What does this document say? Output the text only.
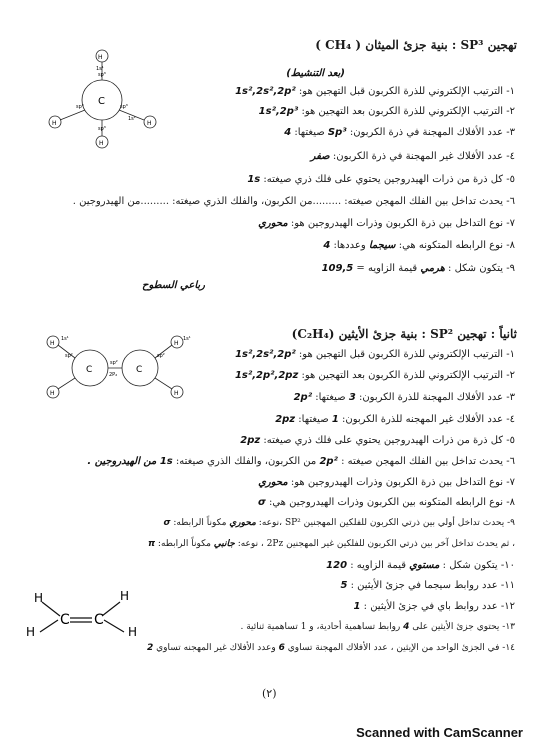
تهجين SP³ : بنية جزئ الميثان ( CH₄ )
(بعد التنشيط)
١- الترتيب الإلكتروني للذرة الكربون قبل التهجين هو: 1s²,2s²,2p²
٢- الترتيب الإلكتروني للذرة الكربون بعد التهجين هو: 1s²,2p³
٣- عدد الأفلاك المهجنة في ذرة الكربون: Sp³ صيغتها: 4
٤- عدد الأفلاك غير المهجنة في ذرة الكربون: صفر
٥- كل ذرة من ذرات الهيدروجين يحتوي على فلك ذري صيغته: 1s
٦- يحدث تداخل بين الفلك المهجن صيغته: .........من الكربون، والفلك الذري صيغته: .........من الهيدروجين .
٧- نوع التداخل بين ذرة الكربون وذرات الهيدروجين هو: محوري
٨- نوع الرابطه المتكونه هي: سيجما وعددها: 4
٩- يتكون شكل : هرمي قيمة الزاويه = 109,5
رباعي السطوح
C
H
H	H
H
sp³
sp³	sp³
sp³
1s¹
1s¹
ثانياً : تهجين SP² : بنية جزئ الأيثين (C₂H₄)
١- الترتيب الإلكتروني للذرة الكربون قبل التهجين هو: 1s²,2s²,2p²
٢- الترتيب الإلكتروني للذرة الكربون بعد التهجين هو: 1s²,2p²,2pz
٣- عدد الأفلاك المهجنة للذرة الكربون: 3 صيغتها: 2p²
٤- عدد الأفلاك غير المهجنه للذرة الكربون: 1 صيغتها: 2pz
٥- كل ذرة من ذرات الهيدروجين يحتوي على فلك ذري صيغته: 2pz
٦- يحدث تداخل بين الفلك المهجن صيغته : 2p² من الكربون، والفلك الذري صيغته: 1s من الهيدروجين .
٧- نوع التداخل بين ذرة الكربون وذرات الهيدروجين هو: محوري
٨- نوع الرابطه المتكونه بين الكربون وذرات الهيدروجين هي: σ
٩- يحدث تداخل أولي بين ذرتي الكربون للفلكين المهجنين SP² ،نوعه: محوري مكوناً الرابطه: σ
، ثم يحدث تداخل آخر بين ذرتي الكربون للفلكين غير المهجنين 2Pz ، نوعه: جانبي مكوناً الرابطه: π
١٠- يتكون شكل : مستوي قيمة الزاويه : 120
١١- عدد روابط سيجما في جزئ الأيثين : 5
١٢- عدد روابط باي في جزئ الأيثين : 1
١٣- يحتوي جزئ الأيثين على 4 روابط تساهمية أحادية، و 1 تساهمية ثنائية .
١٤- في الجزئ الواحد من الإيثين ، عدد الأفلاك المهجنة تساوي 6 وعدد الأفلاك غير المهجنه تساوي 2
C	C
H
H
H
H
sp²
sp²
sp²
1s¹	1s¹
2P₂
C C
H
H
H
H
(٢)
Scanned with CamScanner
